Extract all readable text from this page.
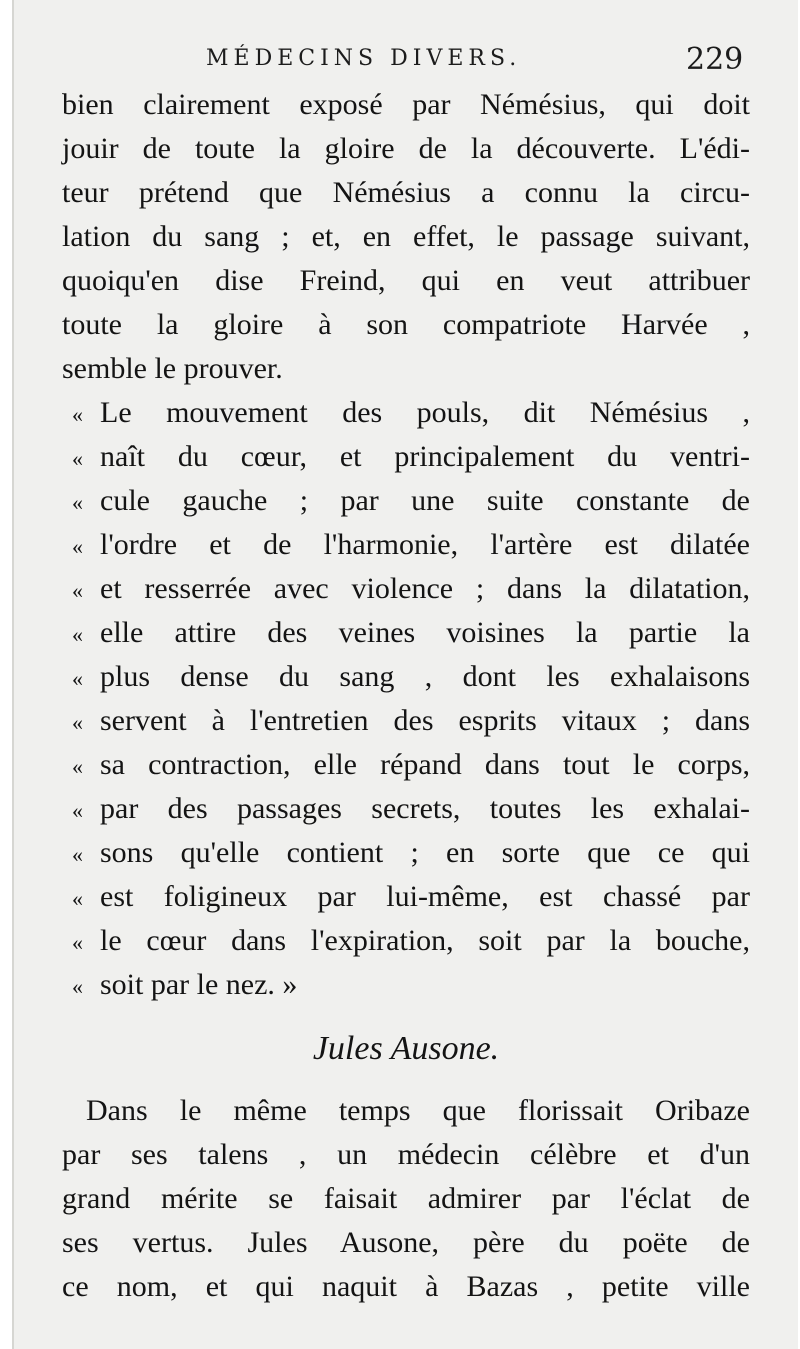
MÉDECINS DIVERS.	229
bien clairement exposé par Némésius, qui doit
jouir de toute la gloire de la découverte. L'édi-
teur prétend que Némésius a connu la circu-
lation du sang ; et, en effet, le passage suivant,
quoiqu'en dise Freind, qui en veut attribuer
toute la gloire à son compatriote Harvée ,
semble le prouver.
« Le mouvement des pouls, dit Némésius ,
« naît du cœur, et principalement du ventri-
« cule gauche ; par une suite constante de
« l'ordre et de l'harmonie, l'artère est dilatée
« et resserrée avec violence ; dans la dilatation,
« elle attire des veines voisines la partie la
« plus dense du sang , dont les exhalaisons
« servent à l'entretien des esprits vitaux ; dans
« sa contraction, elle répand dans tout le corps,
« par des passages secrets, toutes les exhalai-
« sons qu'elle contient ; en sorte que ce qui
« est foligineux par lui-même, est chassé par
« le cœur dans l'expiration, soit par la bouche,
« soit par le nez. »
Jules Ausone.
Dans le même temps que florissait Oribaze
par ses talens , un médecin célèbre et d'un
grand mérite se faisait admirer par l'éclat de
ses vertus. Jules Ausone, père du poëte de
ce nom, et qui naquit à Bazas , petite ville
